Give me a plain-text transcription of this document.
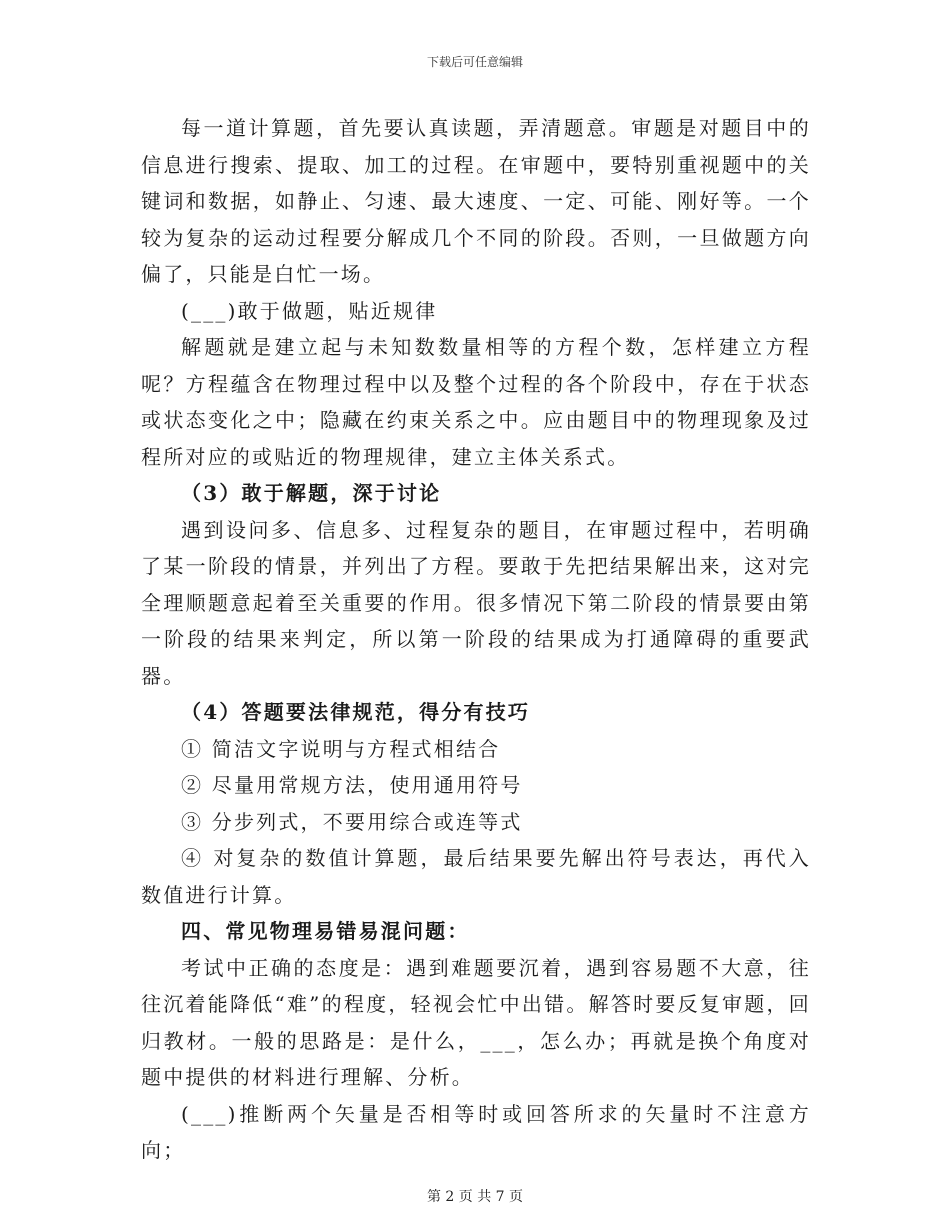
下载后可任意编辑

每一道计算题，首先要认真读题，弄清题意。审题是对题目中的信息进行搜索、提取、加工的过程。在审题中，要特别重视题中的关键词和数据，如静止、匀速、最大速度、一定、可能、刚好等。一个较为复杂的运动过程要分解成几个不同的阶段。否则，一旦做题方向偏了，只能是白忙一场。

(___)敢于做题，贴近规律

解题就是建立起与未知数数量相等的方程个数，怎样建立方程呢？方程蕴含在物理过程中以及整个过程的各个阶段中，存在于状态或状态变化之中；隐藏在约束关系之中。应由题目中的物理现象及过程所对应的或贴近的物理规律，建立主体关系式。

（3）敢于解题，深于讨论

遇到设问多、信息多、过程复杂的题目，在审题过程中，若明确了某一阶段的情景，并列出了方程。要敢于先把结果解出来，这对完全理顺题意起着至关重要的作用。很多情况下第二阶段的情景要由第一阶段的结果来判定，所以第一阶段的结果成为打通障碍的重要武器。

（4）答题要法律规范，得分有技巧

① 简洁文字说明与方程式相结合

② 尽量用常规方法，使用通用符号

③ 分步列式，不要用综合或连等式

④ 对复杂的数值计算题，最后结果要先解出符号表达，再代入数值进行计算。

四、常见物理易错易混问题：

考试中正确的态度是：遇到难题要沉着，遇到容易题不大意，往往沉着能降低“难”的程度，轻视会忙中出错。解答时要反复审题，回归教材。一般的思路是：是什么，___，怎么办；再就是换个角度对题中提供的材料进行理解、分析。

(___)推断两个矢量是否相等时或回答所求的矢量时不注意方向；

第 2 页 共 7 页
